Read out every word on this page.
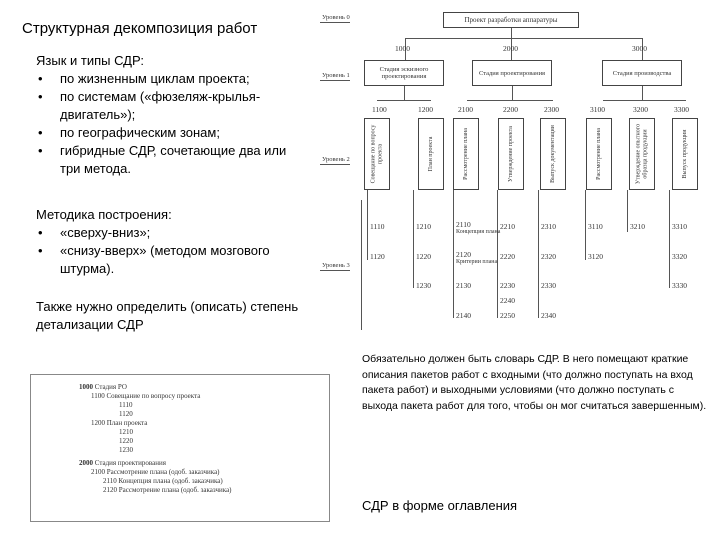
Структурная декомпозиция работ
Язык и типы СДР:
• по жизненным циклам проекта;
• по системам («фюзеляж-крылья-двигатель»);
• по географическим зонам;
• гибридные СДР, сочетающие два или три метода.
Методика построения:
• «сверху-вниз»;
• «снизу-вверх» (методом мозгового штурма).
Также нужно определить (описать) степень детализации СДР
Уровень 0
Уровень 1
Уровень 2
Уровень 3
Проект разработки аппаратуры
1000	2000	3000
Стадия эскизного проектирования	Стадия проектирования	Стадия производства
1100	1200	2100	2200	2300	3100	3200	3300
Совещание по вопросу проекта	План проекта	Рассмотрение плана	Утверждение проекта	Выпуск документации	Рассмотрение плана	Утверждение опытного образца продукции	Выпуск продукции
1110
1120
1210
1220
1230
2110
Концепция плана
2120
Критерии плана
2130
2140
2210
2220
2230
2240
2250
2310
2320
2330
2340
3110
3120
3210	3310
3320
3330
1000 Стадия РО
1100 Совещание по вопросу проекта
1110
1120
1200 План проекта
1210
1220
1230
2000 Стадия проектирования
2100 Рассмотрение плана (одоб. заказчика)
2110 Концепция плана (одоб. заказчика)
2120 Рассмотрение плана (одоб. заказчика)
Обязательно должен быть словарь СДР. В него помещают краткие описания пакетов работ с входными (что должно поступать на вход пакета работ) и выходными условиями (что должно поступать с выхода пакета работ для того, чтобы он мог считаться завершенным).
СДР в форме оглавления
